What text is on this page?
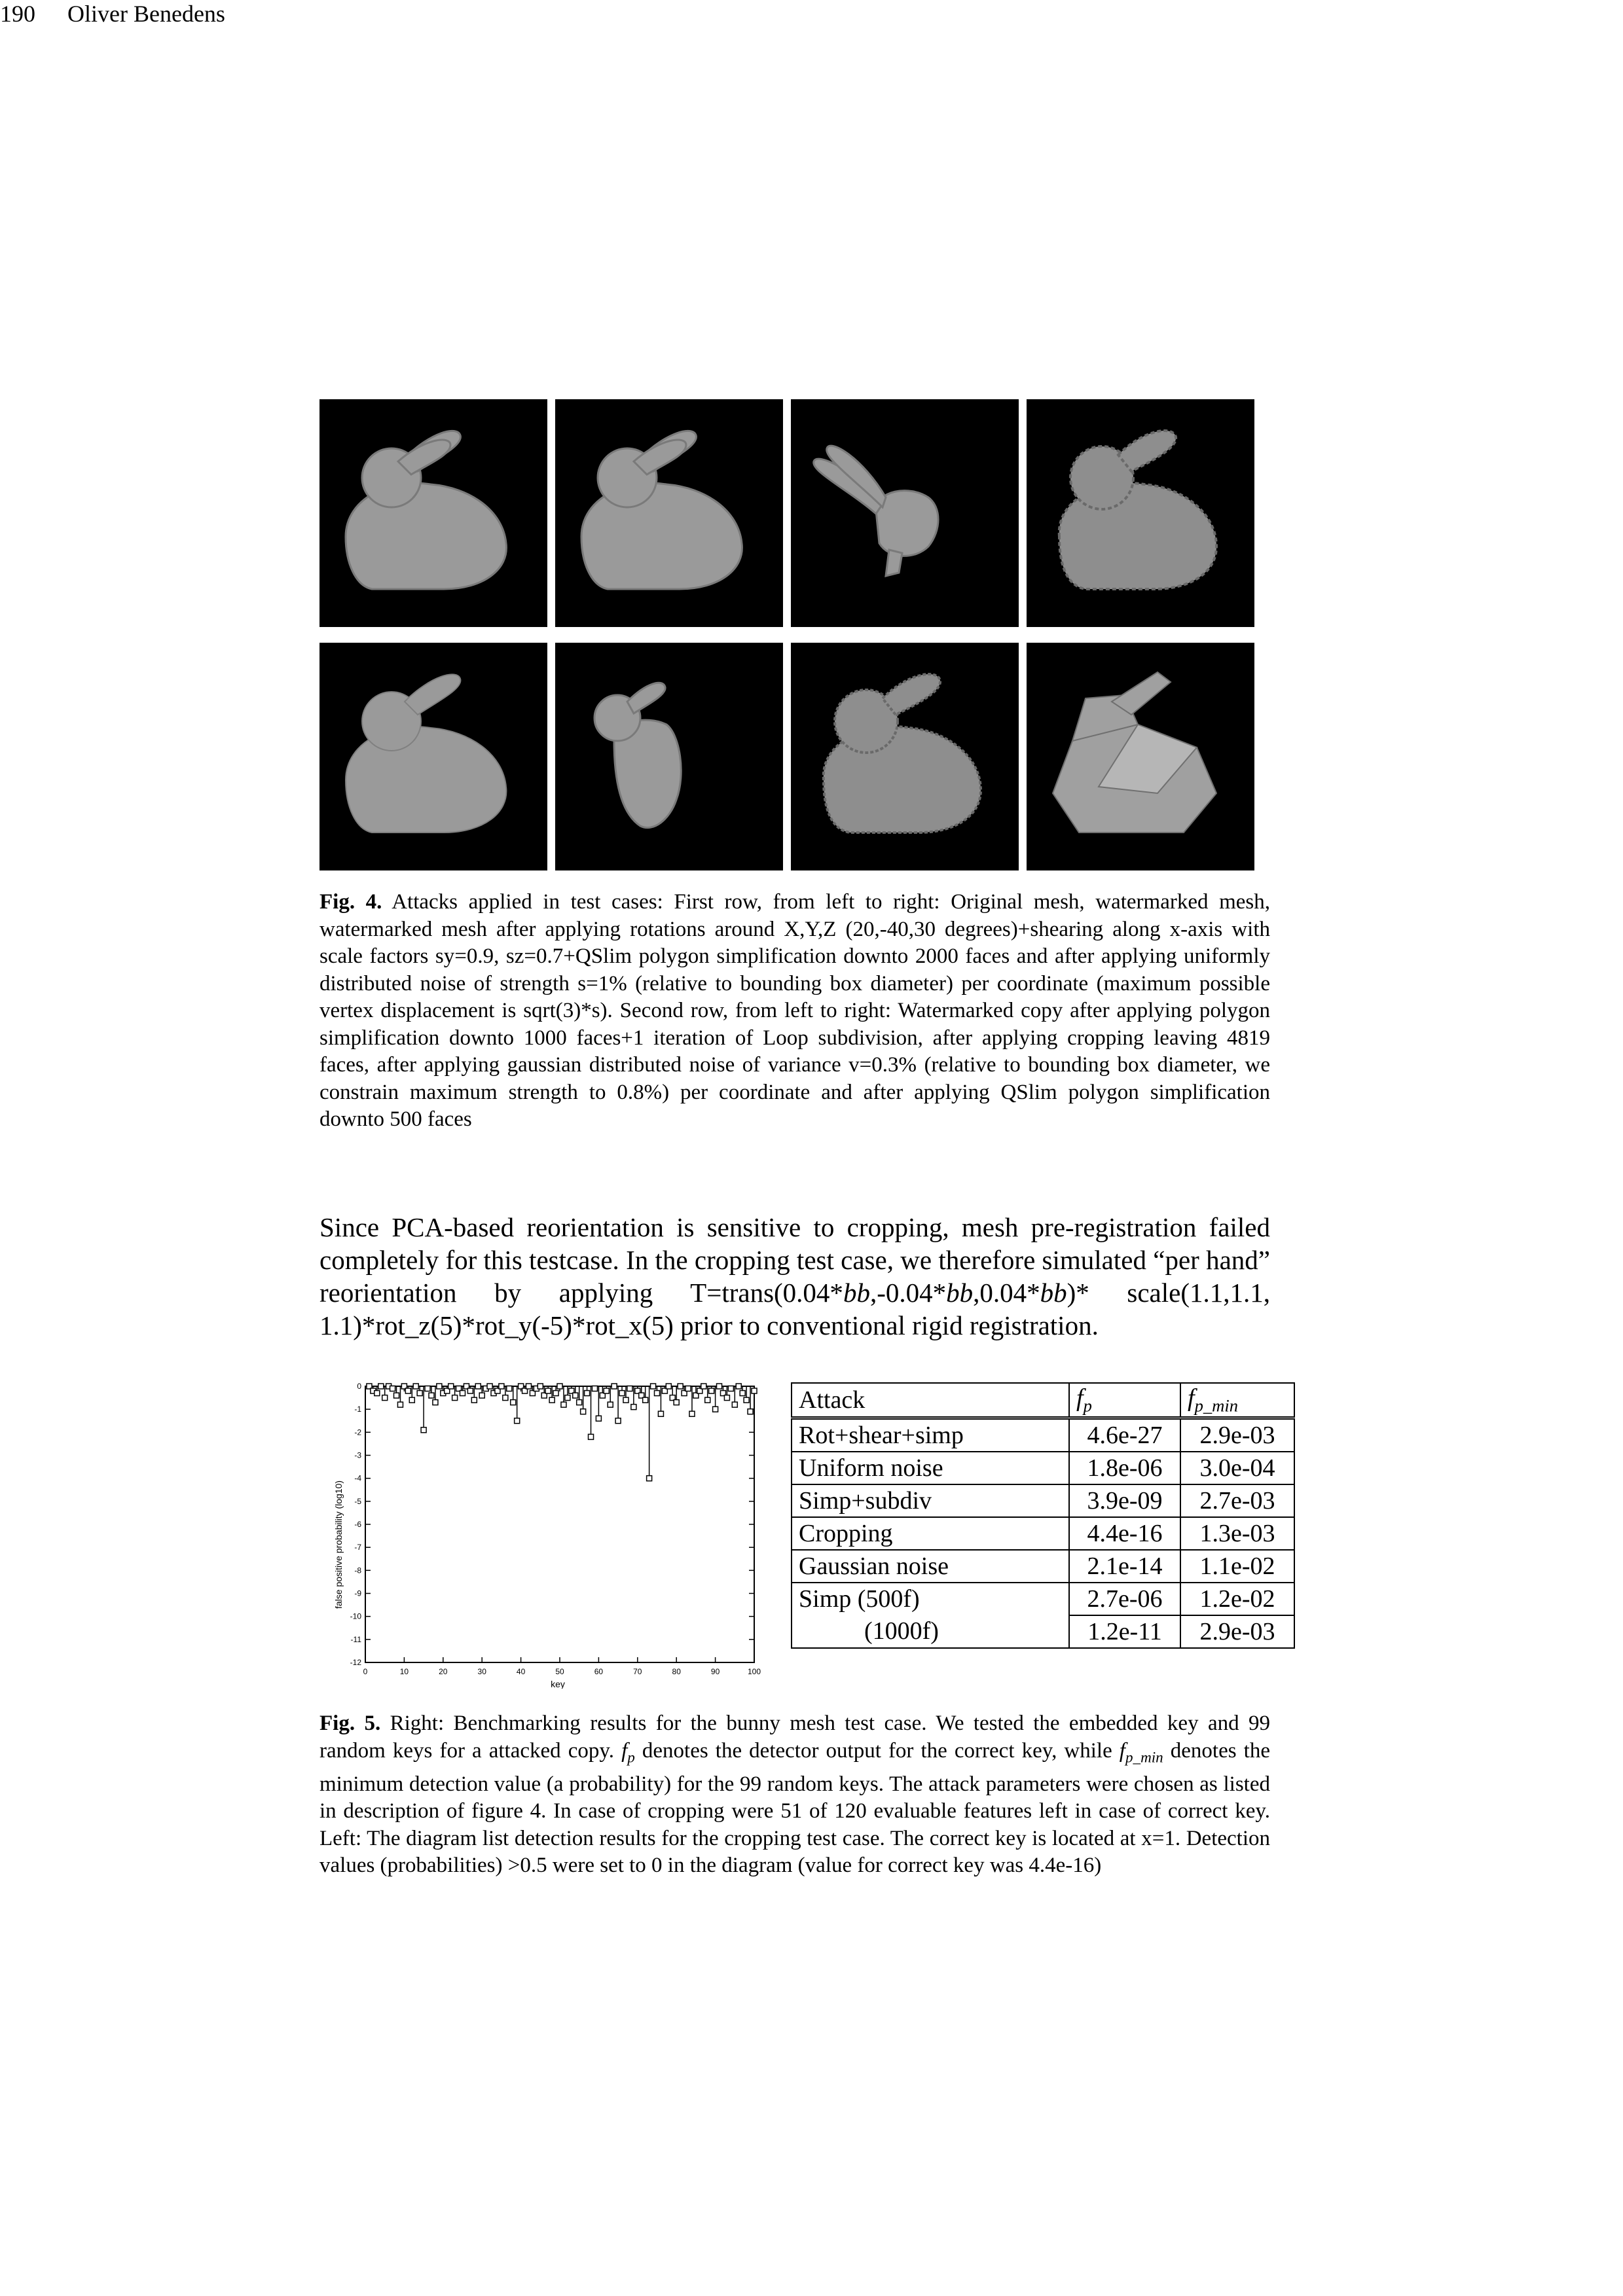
190 Oliver Benedens
Fig. 4. Attacks applied in test cases: First row, from left to right: Original mesh, watermarked mesh, watermarked mesh after applying rotations around X,Y,Z (20,-40,30 degrees)+shearing along x-axis with scale factors sy=0.9, sz=0.7+QSlim polygon simplification downto 2000 faces and after applying uniformly distributed noise of strength s=1% (relative to bounding box diameter) per coordinate (maximum possible vertex displacement is sqrt(3)*s). Second row, from left to right: Watermarked copy after applying polygon simplification downto 1000 faces+1 iteration of Loop subdivision, after applying cropping leaving 4819 faces, after applying gaussian distributed noise of variance v=0.3% (relative to bounding box diameter, we constrain maximum strength to 0.8%) per coordinate and after applying QSlim polygon simplification downto 500 faces
Since PCA-based reorientation is sensitive to cropping, mesh pre-registration failed completely for this testcase. In the cropping test case, we therefore simulated “per hand” reorientation by applying T=trans(0.04*bb,-0.04*bb,0.04*bb)* scale(1.1,1.1, 1.1)*rot_z(5)*rot_y(-5)*rot_x(5) prior to conventional rigid registration.
-12
-11
-10
-9
-8
-7
-6
-5
-4
-3
-2
-1
0
0	10	20	30	40	50	60	70	80	90	100
false positive probability (log10)
key
Attack	$f_p$	$f_{p\_min}$
Rot+shear+simp	4.6e-27	2.9e-03
Uniform noise	1.8e-06	3.0e-04
Simp+subdiv	3.9e-09	2.7e-03
Cropping	4.4e-16	1.3e-03
Gaussian noise	2.1e-14	1.1e-02
Simp (500f)	2.7e-06	1.2e-02
(1000f)	1.2e-11	2.9e-03
Fig. 5. Right: Benchmarking results for the bunny mesh test case. We tested the embedded key and 99 random keys for a attacked copy. $f_p$ denotes the detector output for the correct key, while $f_{p\_min}$ denotes the minimum detection value (a probability) for the 99 random keys. The attack parameters were chosen as listed in description of figure 4. In case of cropping were 51 of 120 evaluable features left in case of correct key. Left: The diagram list detection results for the cropping test case. The correct key is located at x=1. Detection values (probabilities) >0.5 were set to 0 in the diagram (value for correct key was 4.4e-16)
